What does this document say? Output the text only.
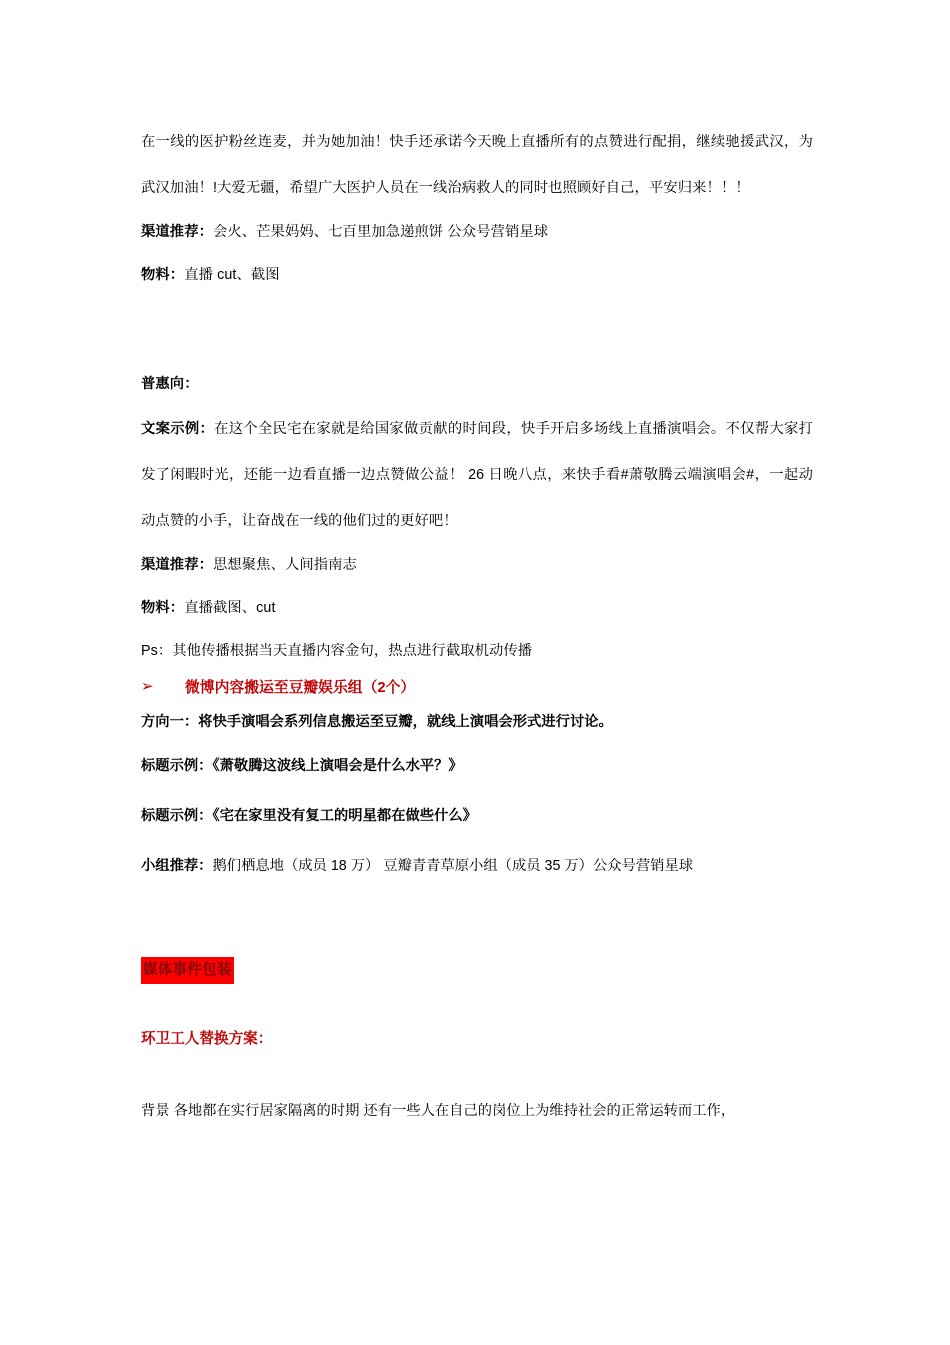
在一线的医护粉丝连麦，并为她加油！快手还承诺今天晚上直播所有的点赞进行配捐，继续驰援武汉，为武汉加油！!大爱无疆，希望广大医护人员在一线治病救人的同时也照顾好自己，平安归来！！！

渠道推荐：会火、芒果妈妈、七百里加急递煎饼 公众号营销星球

物料：直播 cut、截图

普惠向：

文案示例：在这个全民宅在家就是给国家做贡献的时间段，快手开启多场线上直播演唱会。不仅帮大家打发了闲暇时光，还能一边看直播一边点赞做公益！ 26 日晚八点，来快手看#萧敬腾云端演唱会#，一起动动点赞的小手，让奋战在一线的他们过的更好吧！

渠道推荐：思想聚焦、人间指南志

物料：直播截图、cut

Ps：其他传播根据当天直播内容金句，热点进行截取机动传播

➢	微博内容搬运至豆瓣娱乐组（2个）

方向一：将快手演唱会系列信息搬运至豆瓣，就线上演唱会形式进行讨论。

标题示例：《萧敬腾这波线上演唱会是什么水平？》

标题示例：《宅在家里没有复工的明星都在做些什么》

小组推荐：鹅们栖息地（成员 18 万） 豆瓣青青草原小组（成员 35 万）公众号营销星球

媒体事件包装

环卫工人替换方案：

背景 各地都在实行居家隔离的时期 还有一些人在自己的岗位上为维持社会的正常运转而工作，
